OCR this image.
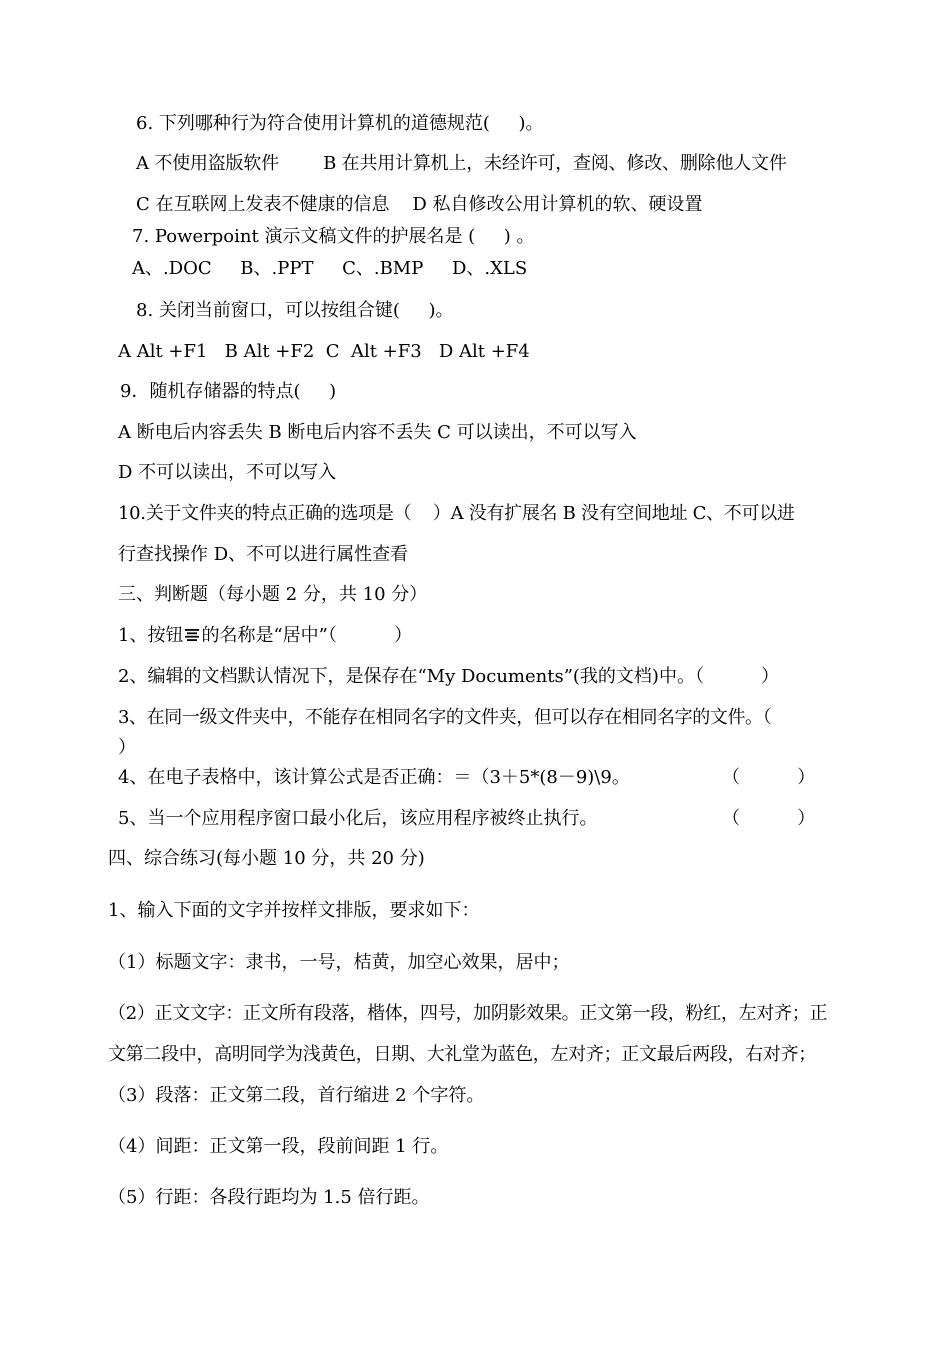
6. 下列哪种行为符合使用计算机的道德规范(     )。
A 不使用盗版软件        B 在共用计算机上，未经许可，查阅、修改、删除他人文件
C 在互联网上发表不健康的信息    D 私自修改公用计算机的软、硬设置
7. Powerpoint 演示文稿文件的护展名是 (     ) 。
A、.DOC     B、.PPT     C、.BMP     D、.XLS
8. 关闭当前窗口，可以按组合键(     )。
A Alt +F1   B Alt +F2  C  Alt +F3   D Alt +F4
9．随机存储器的特点(     )
A 断电后内容丢失 B 断电后内容不丢失 C 可以读出，不可以写入
D 不可以读出，不可以写入
10.关于文件夹的特点正确的选项是（    ）A 没有扩展名 B 没有空间地址 C、不可以进
行查找操作 D、不可以进行属性查看
三、判断题（每小题 2 分，共 10 分）
1、按钮 的名称是“居中”（          ）
2、编辑的文档默认情况下，是保存在“My Documents”(我的文档)中。（          ）
3、在同一级文件夹中，不能存在相同名字的文件夹，但可以存在相同名字的文件。（
）
4、在电子表格中，该计算公式是否正确：＝（3＋5*(8－9)\9。	（          ）
5、当一个应用程序窗口最小化后，该应用程序被终止执行。	（          ）
四、综合练习(每小题 10 分，共 20 分)
1、输入下面的文字并按样文排版，要求如下：
（1）标题文字：隶书，一号，桔黄，加空心效果，居中；
（2）正文文字：正文所有段落，楷体，四号，加阴影效果。正文第一段，粉红，左对齐；正
文第二段中，高明同学为浅黄色，日期、大礼堂为蓝色，左对齐；正文最后两段，右对齐；
（3）段落：正文第二段，首行缩进 2 个字符。
（4）间距：正文第一段，段前间距 1 行。
（5）行距：各段行距均为 1.5 倍行距。
